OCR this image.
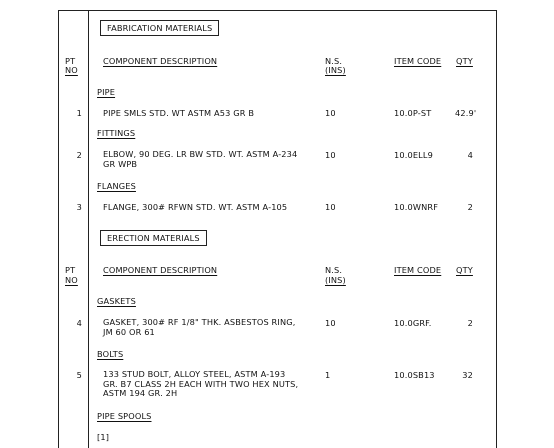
FABRICATION MATERIALS
PT
NO
COMPONENT DESCRIPTION	N.S.
(INS)
ITEM CODE QTY
PIPE
1	PIPE SMLS STD. WT ASTM A53 GR B	10	10.0P-ST	42.9'
FITTINGS
2	ELBOW, 90 DEG. LR BW STD. WT. ASTM A-234
GR WPB
10	10.0ELL9	4
FLANGES
3	FLANGE, 300# RFWN STD. WT. ASTM A-105	10	10.0WNRF	2
ERECTION MATERIALS
PT
NO
COMPONENT DESCRIPTION	N.S.
(INS)
ITEM CODE QTY
GASKETS
4	GASKET, 300# RF 1/8" THK. ASBESTOS RING,
JM 60 OR 61
10	10.0GRF.	2
BOLTS
5	133 STUD BOLT, ALLOY STEEL, ASTM A-193
GR. B7 CLASS 2H EACH WITH TWO HEX NUTS,
ASTM 194 GR. 2H
1	10.0SB13	32
PIPE SPOOLS
[1]
